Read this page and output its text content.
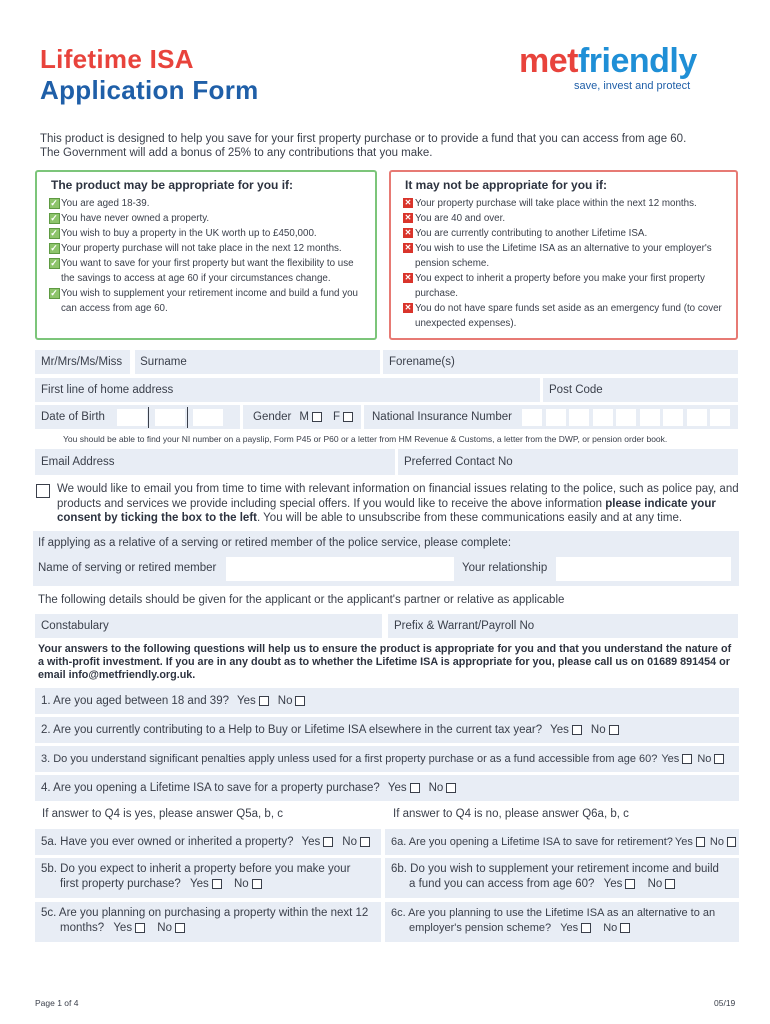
Lifetime ISA
Application Form
metfriendly
save, invest and protect
This product is designed to help you save for your first property purchase or to provide a fund that you can access from age 60.
The Government will add a bonus of 25% to any contributions that you make.
The product may be appropriate for you if:
✓ You are aged 18-39.
✓ You have never owned a property.
✓ You wish to buy a property in the UK worth up to £450,000.
✓ Your property purchase will not take place in the next 12 months.
✓ You want to save for your first property but want the flexibility to use the savings to access at age 60 if your circumstances change.
✓ You wish to supplement your retirement income and build a fund you can access from age 60.
It may not be appropriate for you if:
✕ Your property purchase will take place within the next 12 months.
✕ You are 40 and over.
✕ You are currently contributing to another Lifetime ISA.
✕ You wish to use the Lifetime ISA as an alternative to your employer's pension scheme.
✕ You expect to inherit a property before you make your first property purchase.
✕ You do not have spare funds set aside as an emergency fund (to cover unexpected expenses).
Mr/Mrs/Ms/Miss Surname	Forename(s)
First line of home address	Post Code
Date of Birth	Gender M F	National Insurance Number
You should be able to find your NI number on a payslip, Form P45 or P60 or a letter from HM Revenue & Customs, a letter from the DWP, or pension order book.
Email Address	Preferred Contact No
We would like to email you from time to time with relevant information on financial issues relating to the police, such as police pay, and products and services we provide including special offers. If you would like to receive the above information please indicate your consent by ticking the box to the left. You will be able to unsubscribe from these communications easily and at any time.
If applying as a relative of a serving or retired member of the police service, please complete:
Name of serving or retired member	Your relationship
The following details should be given for the applicant or the applicant's partner or relative as applicable
Constabulary	Prefix & Warrant/Payroll No
Your answers to the following questions will help us to ensure the product is appropriate for you and that you understand the nature of a with-profit investment. If you are in any doubt as to whether the Lifetime ISA is appropriate for you, please call us on 01689 891454 or email info@metfriendly.org.uk.
1. Are you aged between 18 and 39? Yes No
2. Are you currently contributing to a Help to Buy or Lifetime ISA elsewhere in the current tax year? Yes No
3. Do you understand significant penalties apply unless used for a first property purchase or as a fund accessible from age 60? Yes No
4. Are you opening a Lifetime ISA to save for a property purchase? Yes No
If answer to Q4 is yes, please answer Q5a, b, c	If answer to Q4 is no, please answer Q6a, b, c
5a. Have you ever owned or inherited a property? Yes No	6a. Are you opening a Lifetime ISA to save for retirement? Yes No
5b. Do you expect to inherit a property before you make your
first property purchase? Yes No
6b. Do you wish to supplement your retirement income and build
a fund you can access from age 60? Yes No
5c. Are you planning on purchasing a property within the next 12
months? Yes No
6c. Are you planning to use the Lifetime ISA as an alternative to an
employer's pension scheme? Yes No
Page 1 of 4	05/19
